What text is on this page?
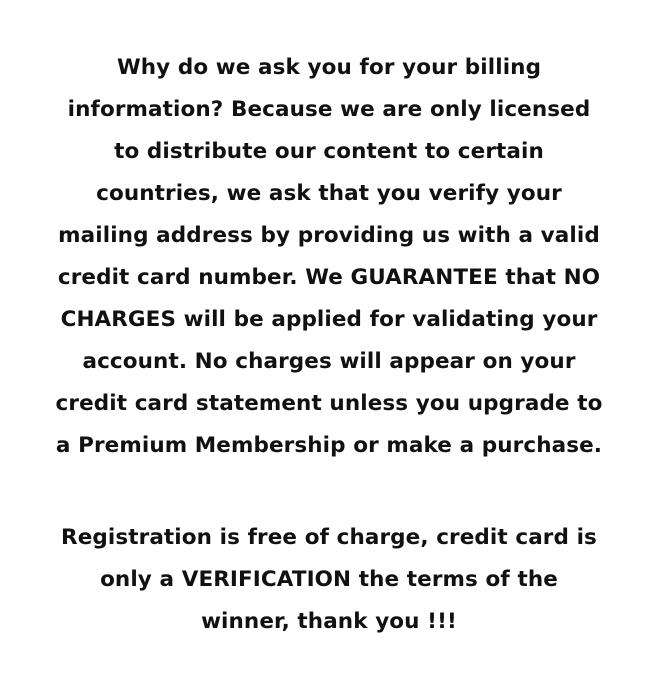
Why do we ask you for your billing
information? Because we are only licensed
to distribute our content to certain
countries, we ask that you verify your
mailing address by providing us with a valid
credit card number. We GUARANTEE that NO
CHARGES will be applied for validating your
account. No charges will appear on your
credit card statement unless you upgrade to
a Premium Membership or make a purchase.
Registration is free of charge, credit card is
only a VERIFICATION the terms of the
winner, thank you !!!
